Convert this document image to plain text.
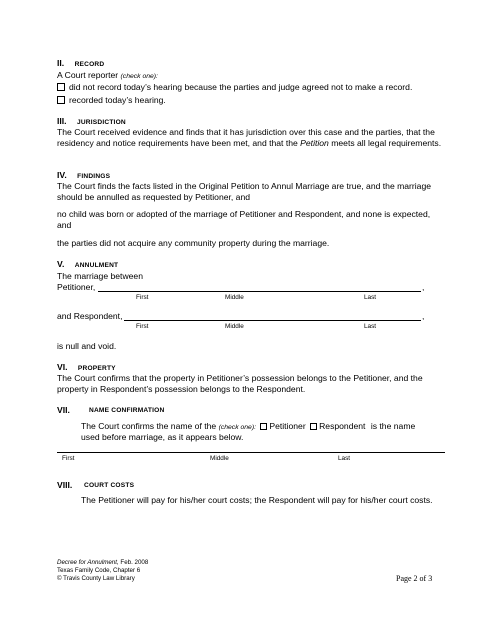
II. RECORD
A Court reporter (check one):
did not record today’s hearing because the parties and judge agreed not to make a record.
recorded today’s hearing.
III. JURISDICTION
The Court received evidence and finds that it has jurisdiction over this case and the parties, that the residency and notice requirements have been met, and that the Petition meets all legal requirements.
IV. FINDINGS
The Court finds the facts listed in the Original Petition to Annul Marriage are true, and the marriage should be annulled as requested by Petitioner, and
no child was born or adopted of the marriage of Petitioner and Respondent, and none is expected, and
the parties did not acquire any community property during the marriage.
V. ANNULMENT
The marriage between
Petitioner,	,
First	Middle	Last
and Respondent,	,
First	Middle	Last
is null and void.
VI. PROPERTY
The Court confirms that the property in Petitioner’s possession belongs to the Petitioner, and the property in Respondent’s possession belongs to the Respondent.
VII.	NAME CONFIRMATION
The Court confirms the name of the (check one): Petitioner Respondent is the name
used before marriage, as it appears below.
First	Middle	Last
VIII. COURT COSTS
The Petitioner will pay for his/her court costs; the Respondent will pay for his/her court costs.
Decree for Annulment, Feb. 2008
Texas Family Code, Chapter 6
© Travis County Law Library	Page 2 of 3
